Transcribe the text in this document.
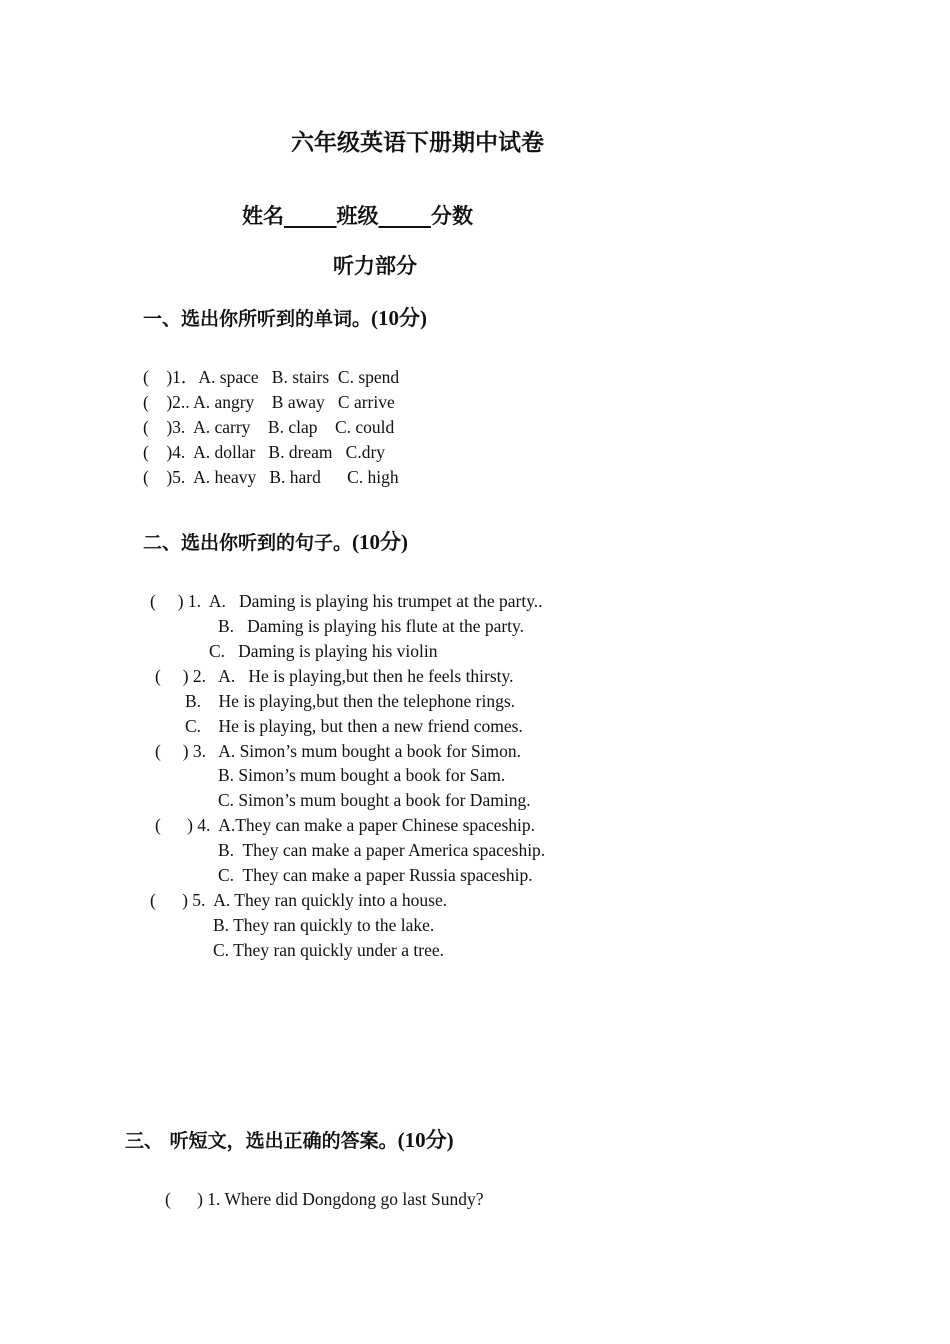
六年级英语下册期中试卷
姓名_____班级_____分数
听力部分
一、选出你所听到的单词。(10分)
(    )1．A. space   B. stairs  C. spend
(    )2.. A. angry    B away   C arrive
(    )3.  A. carry    B. clap    C. could
(    )4.  A. dollar   B. dream   C.dry
(    )5.  A. heavy   B. hard      C. high
二、选出你听到的句子。(10分)
(     ) 1.  A.   Daming is playing his trumpet at the party..
B.   Daming is playing his flute at the party.
C.   Daming is playing his violin
(     ) 2.   A.   He is playing,but then he feels thirsty.
B.    He is playing,but then the telephone rings.
C.    He is playing, but then a new friend comes.
(     ) 3.   A. Simon’s mum bought a book for Simon.
B. Simon’s mum bought a book for Sam.
C. Simon’s mum bought a book for Daming.
(      ) 4.  A.They can make a paper Chinese spaceship.
B.  They can make a paper America spaceship.
C.  They can make a paper Russia spaceship.
(      ) 5.  A. They ran quickly into a house.
B. They ran quickly to the lake.
C. They ran quickly under a tree.
三、 听短文，选出正确的答案。(10分)
(      ) 1. Where did Dongdong go last Sundy?
